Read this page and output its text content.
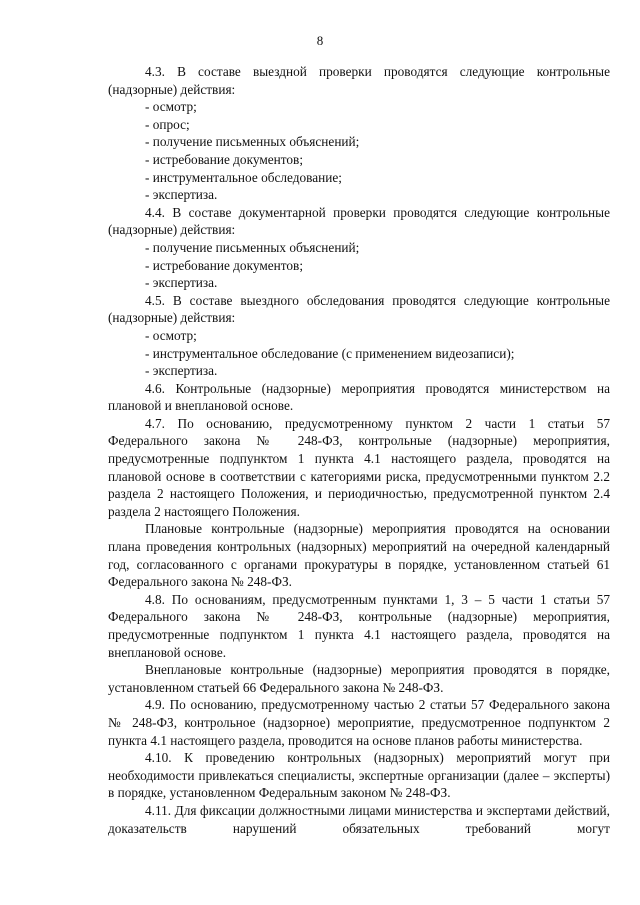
8

4.3. В составе выездной проверки проводятся следующие контрольные (надзорные) действия:

- осмотр;

- опрос;

- получение письменных объяснений;

- истребование документов;

- инструментальное обследование;

- экспертиза.

4.4. В составе документарной проверки проводятся следующие контрольные (надзорные) действия:

- получение письменных объяснений;

- истребование документов;

- экспертиза.

4.5. В составе выездного обследования проводятся следующие контрольные (надзорные) действия:

- осмотр;

- инструментальное обследование (с применением видеозаписи);

- экспертиза.

4.6. Контрольные (надзорные) мероприятия проводятся министерством на плановой и внеплановой основе.

4.7. По основанию, предусмотренному пунктом 2 части 1 статьи 57 Федерального закона № 248-ФЗ, контрольные (надзорные) мероприятия, предусмотренные подпунктом 1 пункта 4.1 настоящего раздела, проводятся на плановой основе в соответствии с категориями риска, предусмотренными пунктом 2.2 раздела 2 настоящего Положения, и периодичностью, предусмотренной пунктом 2.4 раздела 2 настоящего Положения.

Плановые контрольные (надзорные) мероприятия проводятся на основании плана проведения контрольных (надзорных) мероприятий на очередной календарный год, согласованного с органами прокуратуры в порядке, установленном статьей 61 Федерального закона № 248-ФЗ.

4.8. По основаниям, предусмотренным пунктами 1, 3 – 5 части 1 статьи 57 Федерального закона № 248-ФЗ, контрольные (надзорные) мероприятия, предусмотренные подпунктом 1 пункта 4.1 настоящего раздела, проводятся на внеплановой основе.

Внеплановые контрольные (надзорные) мероприятия проводятся в порядке, установленном статьей 66 Федерального закона № 248-ФЗ.

4.9. По основанию, предусмотренному частью 2 статьи 57 Федерального закона № 248-ФЗ, контрольное (надзорное) мероприятие, предусмотренное подпунктом 2 пункта 4.1 настоящего раздела, проводится на основе планов работы министерства.

4.10. К проведению контрольных (надзорных) мероприятий могут при необходимости привлекаться специалисты, экспертные организации (далее – эксперты) в порядке, установленном Федеральным законом № 248-ФЗ.

4.11. Для фиксации должностными лицами министерства и экспертами действий, доказательств нарушений обязательных требований могут
